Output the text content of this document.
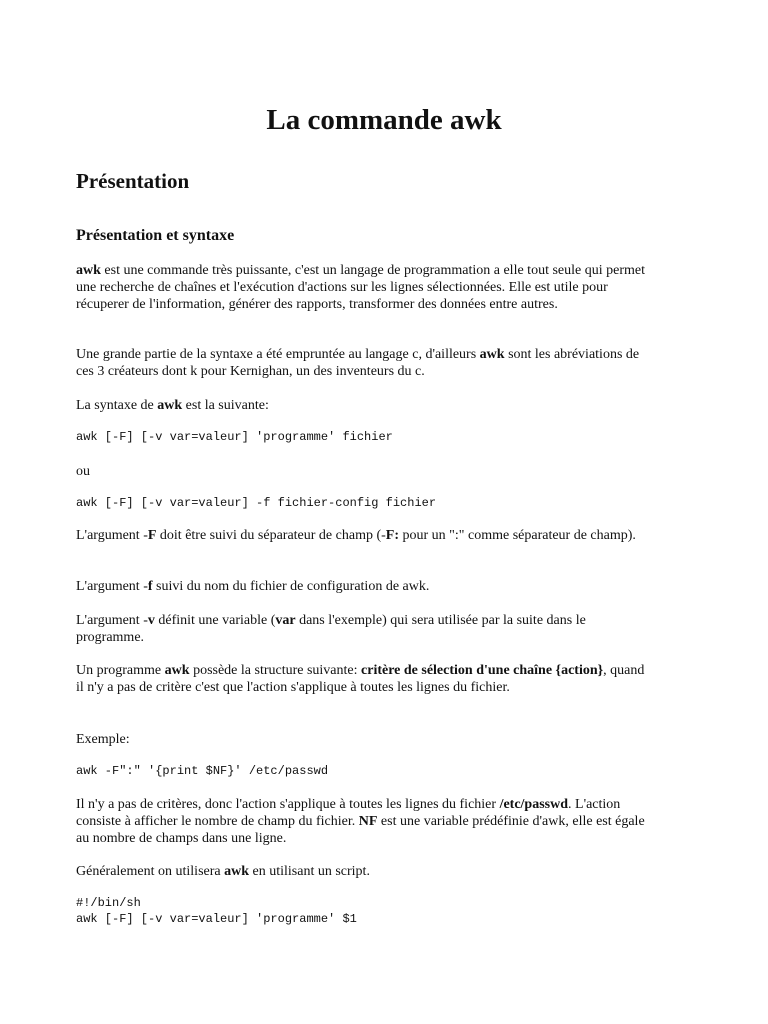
La commande awk
Présentation
Présentation et syntaxe

awk est une commande très puissante, c'est un langage de programmation a elle tout seule qui permet une recherche de chaînes et l'exécution d'actions sur les lignes sélectionnées. Elle est utile pour récuperer de l'information, générer des rapports, transformer des données entre autres.

Une grande partie de la syntaxe a été empruntée au langage c, d'ailleurs awk sont les abréviations de ces 3 créateurs dont k pour Kernighan, un des inventeurs du c.

La syntaxe de awk est la suivante:

awk [-F] [-v var=valeur] 'programme' fichier

ou

awk [-F] [-v var=valeur] -f fichier-config fichier

L'argument -F doit être suivi du séparateur de champ (-F: pour un ":" comme séparateur de champ).

L'argument -f suivi du nom du fichier de configuration de awk.

L'argument -v définit une variable (var dans l'exemple) qui sera utilisée par la suite dans le programme.

Un programme awk possède la structure suivante: critère de sélection d'une chaîne {action}, quand il n'y a pas de critère c'est que l'action s'applique à toutes les lignes du fichier.

Exemple:

awk -F":" '{print $NF}' /etc/passwd

Il n'y a pas de critères, donc l'action s'applique à toutes les lignes du fichier /etc/passwd. L'action consiste à afficher le nombre de champ du fichier. NF est une variable prédéfinie d'awk, elle est égale au nombre de champs dans une ligne.

Généralement on utilisera awk en utilisant un script.

#!/bin/sh
awk [-F] [-v var=valeur] 'programme' $1
